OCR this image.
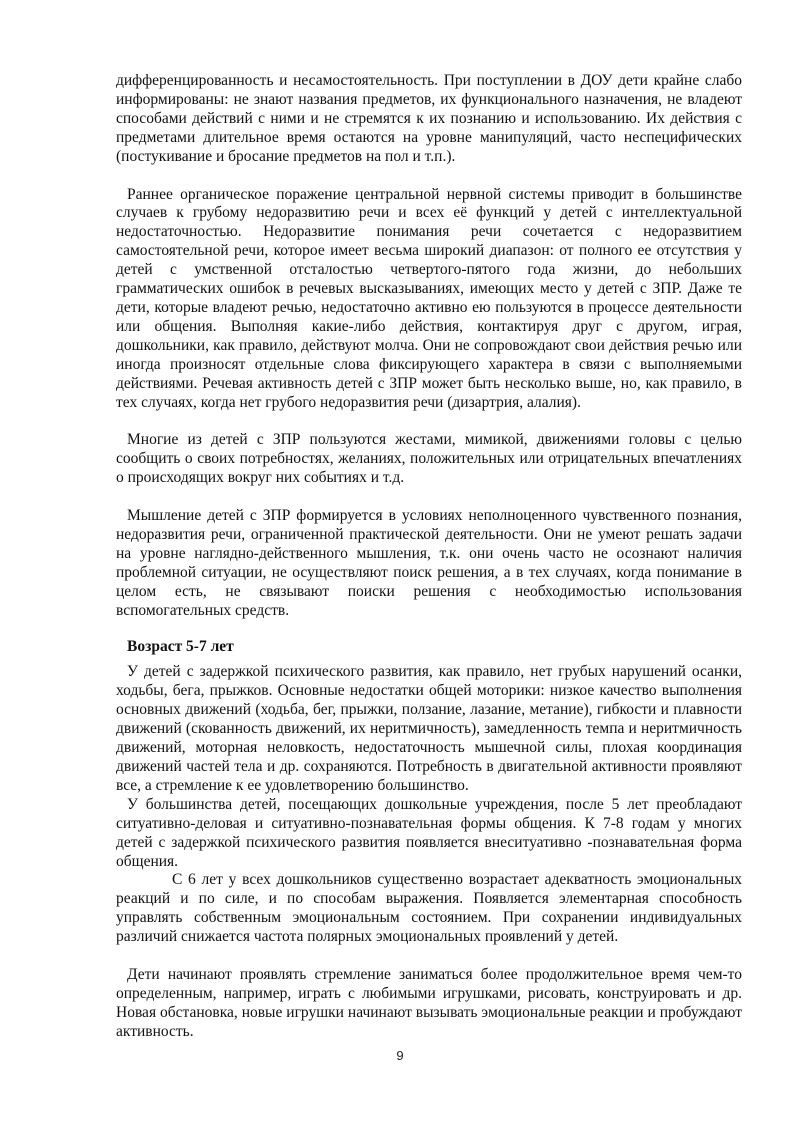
дифференцированность и несамостоятельность. При поступлении в ДОУ дети крайне слабо информированы: не знают названия предметов, их функционального назначения, не владеют способами действий с ними и не стремятся к их познанию и использованию. Их действия с предметами длительное время остаются на уровне манипуляций, часто неспецифических (постукивание и бросание предметов на пол и т.п.).

Раннее органическое поражение центральной нервной системы приводит в большинстве случаев к грубому недоразвитию речи и всех её функций у детей с интеллектуальной недостаточностью. Недоразвитие понимания речи сочетается с недоразвитием самостоятельной речи, которое имеет весьма широкий диапазон: от полного ее отсутствия у детей с умственной отсталостью четвертого-пятого года жизни, до небольших грамматических ошибок в речевых высказываниях, имеющих место у детей с ЗПР. Даже те дети, которые владеют речью, недостаточно активно ею пользуются в процессе деятельности или общения. Выполняя какие-либо действия, контактируя друг с другом, играя, дошкольники, как правило, действуют молча. Они не сопровождают свои действия речью или иногда произносят отдельные слова фиксирующего характера в связи с выполняемыми действиями. Речевая активность детей с ЗПР может быть несколько выше, но, как правило, в тех случаях, когда нет грубого недоразвития речи (дизартрия, алалия).

Многие из детей с ЗПР пользуются жестами, мимикой, движениями головы с целью сообщить о своих потребностях, желаниях, положительных или отрицательных впечатлениях о происходящих вокруг них событиях и т.д.

Мышление детей с ЗПР формируется в условиях неполноценного чувственного познания, недоразвития речи, ограниченной практической деятельности. Они не умеют решать задачи на уровне наглядно-действенного мышления, т.к. они очень часто не осознают наличия проблемной ситуации, не осуществляют поиск решения, а в тех случаях, когда понимание в целом есть, не связывают поиски решения с необходимостью использования вспомогательных средств.

Возраст 5-7 лет

У детей с задержкой психического развития, как правило, нет грубых нарушений осанки, ходьбы, бега, прыжков. Основные недостатки общей моторики: низкое качество выполнения основных движений (ходьба, бег, прыжки, ползание, лазание, метание), гибкости и плавности движений (скованность движений, их неритмичность), замедленность темпа и неритмичность движений, моторная неловкость, недостаточность мышечной силы, плохая координация движений частей тела и др. сохраняются. Потребность в двигательной активности проявляют все, а стремление к ее удовлетворению большинство.

У большинства детей, посещающих дошкольные учреждения, после 5 лет преобладают ситуативно-деловая и ситуативно-познавательная формы общения. К 7-8 годам у многих детей с задержкой психического развития появляется внеситуативно -познавательная форма общения.

С 6 лет у всех дошкольников существенно возрастает адекватность эмоциональных реакций и по силе, и по способам выражения. Появляется элементарная способность управлять собственным эмоциональным состоянием. При сохранении индивидуальных различий снижается частота полярных эмоциональных проявлений у детей.

Дети начинают проявлять стремление заниматься более продолжительное время чем-то определенным, например, играть с любимыми игрушками, рисовать, конструировать и др. Новая обстановка, новые игрушки начинают вызывать эмоциональные реакции и пробуждают активность.

9
